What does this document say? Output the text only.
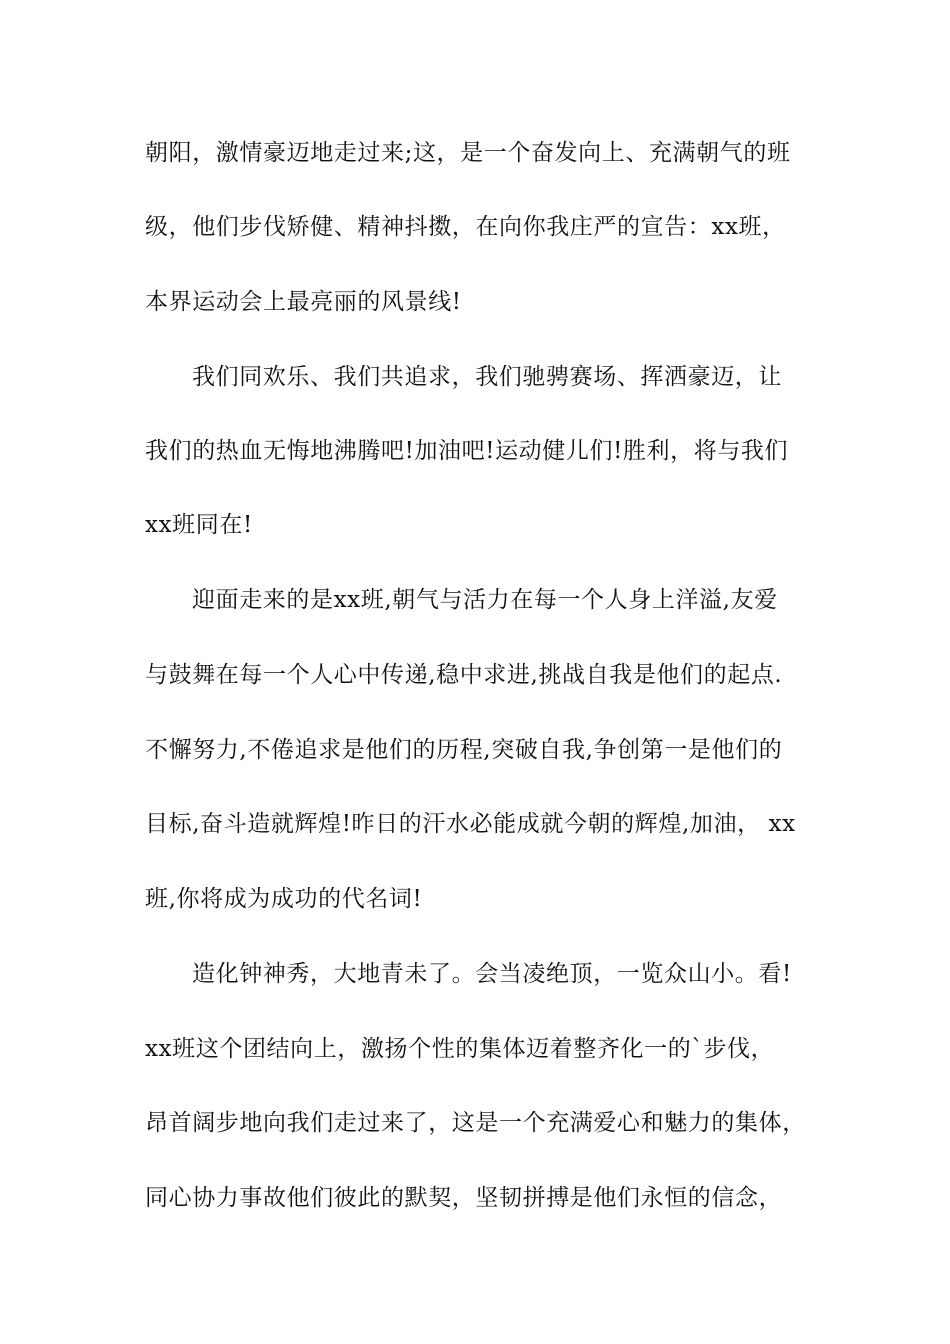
朝阳，激情豪迈地走过来;这，是一个奋发向上、充满朝气的班
级，他们步伐矫健、精神抖擞，在向你我庄严的宣告：xx班，
本界运动会上最亮丽的风景线!
我们同欢乐、我们共追求，我们驰骋赛场、挥洒豪迈，让
我们的热血无悔地沸腾吧!加油吧!运动健儿们!胜利，将与我们
xx班同在!
迎面走来的是xx班,朝气与活力在每一个人身上洋溢,友爱
与鼓舞在每一个人心中传递,稳中求进,挑战自我是他们的起点.
不懈努力,不倦追求是他们的历程,突破自我,争创第一是他们的
目标,奋斗造就辉煌!昨日的汗水必能成就今朝的辉煌,加油， xx
班,你将成为成功的代名词!
造化钟神秀，大地青未了。会当凌绝顶，一览众山小。看!
xx班这个团结向上，激扬个性的集体迈着整齐化一的`步伐，
昂首阔步地向我们走过来了，这是一个充满爱心和魅力的集体，
同心协力事故他们彼此的默契，坚韧拼搏是他们永恒的信念，
